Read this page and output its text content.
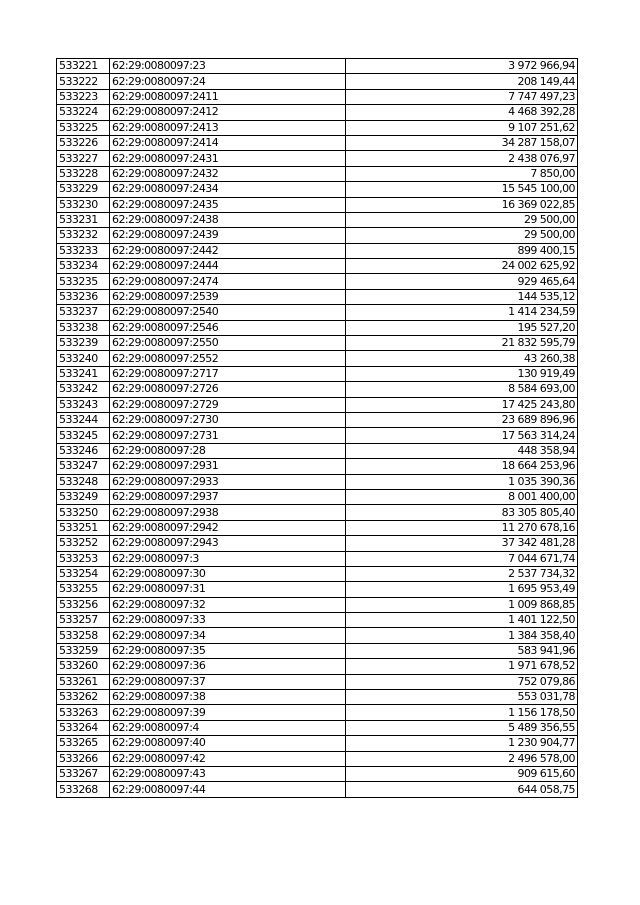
533221	62:29:0080097:23	3 972 966,94
533222	62:29:0080097:24	208 149,44
533223	62:29:0080097:2411	7 747 497,23
533224	62:29:0080097:2412	4 468 392,28
533225	62:29:0080097:2413	9 107 251,62
533226	62:29:0080097:2414	34 287 158,07
533227	62:29:0080097:2431	2 438 076,97
533228	62:29:0080097:2432	7 850,00
533229	62:29:0080097:2434	15 545 100,00
533230	62:29:0080097:2435	16 369 022,85
533231	62:29:0080097:2438	29 500,00
533232	62:29:0080097:2439	29 500,00
533233	62:29:0080097:2442	899 400,15
533234	62:29:0080097:2444	24 002 625,92
533235	62:29:0080097:2474	929 465,64
533236	62:29:0080097:2539	144 535,12
533237	62:29:0080097:2540	1 414 234,59
533238	62:29:0080097:2546	195 527,20
533239	62:29:0080097:2550	21 832 595,79
533240	62:29:0080097:2552	43 260,38
533241	62:29:0080097:2717	130 919,49
533242	62:29:0080097:2726	8 584 693,00
533243	62:29:0080097:2729	17 425 243,80
533244	62:29:0080097:2730	23 689 896,96
533245	62:29:0080097:2731	17 563 314,24
533246	62:29:0080097:28	448 358,94
533247	62:29:0080097:2931	18 664 253,96
533248	62:29:0080097:2933	1 035 390,36
533249	62:29:0080097:2937	8 001 400,00
533250	62:29:0080097:2938	83 305 805,40
533251	62:29:0080097:2942	11 270 678,16
533252	62:29:0080097:2943	37 342 481,28
533253	62:29:0080097:3	7 044 671,74
533254	62:29:0080097:30	2 537 734,32
533255	62:29:0080097:31	1 695 953,49
533256	62:29:0080097:32	1 009 868,85
533257	62:29:0080097:33	1 401 122,50
533258	62:29:0080097:34	1 384 358,40
533259	62:29:0080097:35	583 941,96
533260	62:29:0080097:36	1 971 678,52
533261	62:29:0080097:37	752 079,86
533262	62:29:0080097:38	553 031,78
533263	62:29:0080097:39	1 156 178,50
533264	62:29:0080097:4	5 489 356,55
533265	62:29:0080097:40	1 230 904,77
533266	62:29:0080097:42	2 496 578,00
533267	62:29:0080097:43	909 615,60
533268	62:29:0080097:44	644 058,75
